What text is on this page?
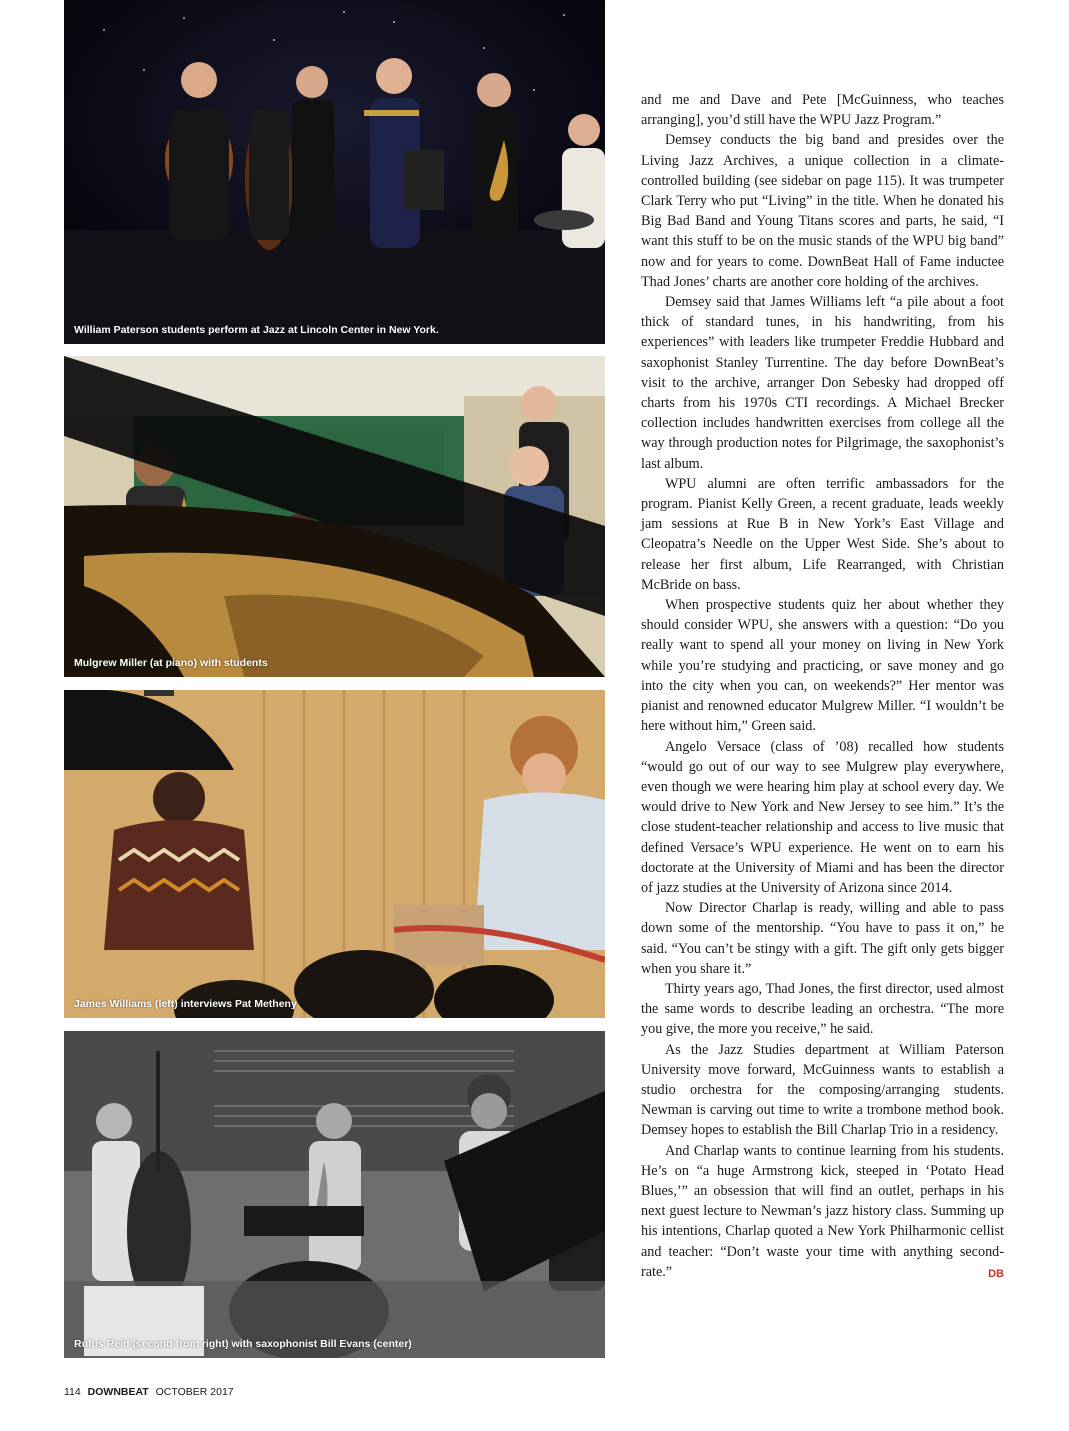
William Paterson students perform at Jazz at Lincoln Center in New York.
Mulgrew Miller (at piano) with students
James Williams (left) interviews Pat Metheny
Rufus Reid (second from right) with saxophonist Bill Evans (center)

and me and Dave and Pete [McGuinness, who teaches arranging], you’d still have the WPU Jazz Program.”

Demsey conducts the big band and presides over the Living Jazz Archives, a unique collection in a climate-controlled building (see sidebar on page 115). It was trumpeter Clark Terry who put “Living” in the title. When he donated his Big Bad Band and Young Titans scores and parts, he said, “I want this stuff to be on the music stands of the WPU big band” now and for years to come. DownBeat Hall of Fame inductee Thad Jones’ charts are another core holding of the archives.

Demsey said that James Williams left “a pile about a foot thick of standard tunes, in his handwriting, from his experiences” with leaders like trumpeter Freddie Hubbard and saxophonist Stanley Turrentine. The day before DownBeat’s visit to the archive, arranger Don Sebesky had dropped off charts from his 1970s CTI recordings. A Michael Brecker collection includes handwritten exercises from college all the way through production notes for Pilgrimage, the saxophonist’s last album.

WPU alumni are often terrific ambassadors for the program. Pianist Kelly Green, a recent graduate, leads weekly jam sessions at Rue B in New York’s East Village and Cleopatra’s Needle on the Upper West Side. She’s about to release her first album, Life Rearranged, with Christian McBride on bass.

When prospective students quiz her about whether they should consider WPU, she answers with a question: “Do you really want to spend all your money on living in New York while you’re studying and practicing, or save money and go into the city when you can, on weekends?” Her mentor was pianist and renowned educator Mulgrew Miller. “I wouldn’t be here without him,” Green said.

Angelo Versace (class of ’08) recalled how students “would go out of our way to see Mulgrew play everywhere, even though we were hearing him play at school every day. We would drive to New York and New Jersey to see him.” It’s the close student-teacher relationship and access to live music that defined Versace’s WPU experience. He went on to earn his doctorate at the University of Miami and has been the director of jazz studies at the University of Arizona since 2014.

Now Director Charlap is ready, willing and able to pass down some of the mentorship. “You have to pass it on,” he said. “You can’t be stingy with a gift. The gift only gets bigger when you share it.”

Thirty years ago, Thad Jones, the first director, used almost the same words to describe leading an orchestra. “The more you give, the more you receive,” he said.

As the Jazz Studies department at William Paterson University move forward, McGuinness wants to establish a studio orchestra for the composing/arranging students. Newman is carving out time to write a trombone method book. Demsey hopes to establish the Bill Charlap Trio in a residency.

And Charlap wants to continue learning from his students. He’s on “a huge Armstrong kick, steeped in ‘Potato Head Blues,’” an obsession that will find an outlet, perhaps in his next guest lecture to Newman’s jazz history class. Summing up his intentions, Charlap quoted a New York Philharmonic cellist and teacher: “Don’t waste your time with anything second-rate.”	DB

114 DOWNBEAT OCTOBER 2017
